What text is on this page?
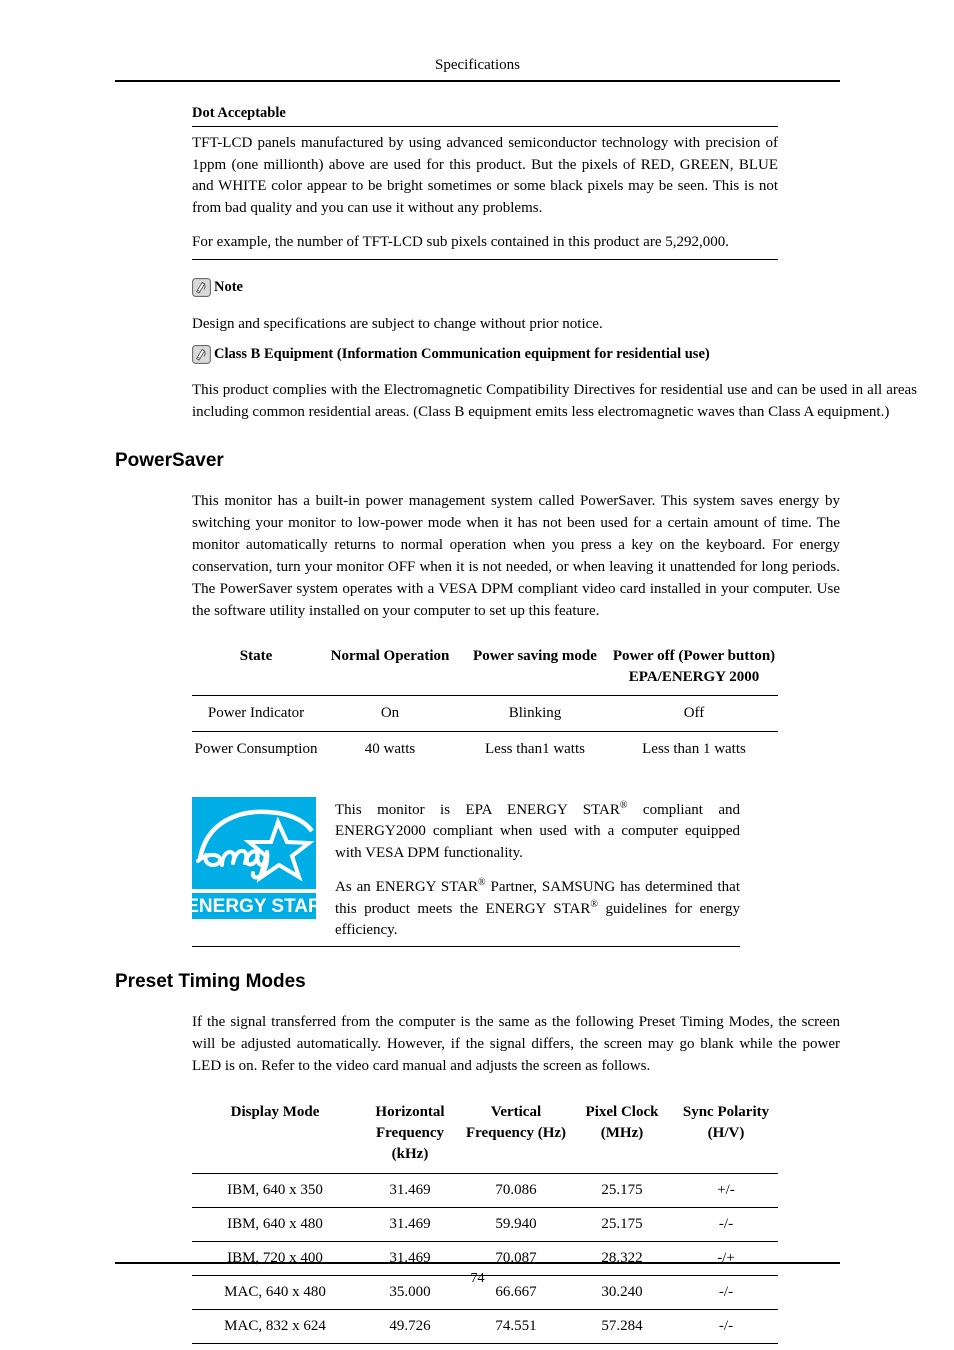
Specifications
Dot Acceptable
TFT-LCD panels manufactured by using advanced semiconductor technology with precision of 1ppm (one millionth) above are used for this product. But the pixels of RED, GREEN, BLUE and WHITE color appear to be bright sometimes or some black pixels may be seen. This is not from bad quality and you can use it without any problems.
For example, the number of TFT-LCD sub pixels contained in this product are 5,292,000.
Note
Design and specifications are subject to change without prior notice.
Class B Equipment (Information Communication equipment for residential use)
This product complies with the Electromagnetic Compatibility Directives for residential use and can be used in all areas including common residential areas. (Class B equipment emits less electromagnetic waves than Class A equipment.)
PowerSaver
This monitor has a built-in power management system called PowerSaver. This system saves energy by switching your monitor to low-power mode when it has not been used for a certain amount of time. The monitor automatically returns to normal operation when you press a key on the keyboard. For energy conservation, turn your monitor OFF when it is not needed, or when leaving it unattended for long periods. The PowerSaver system operates with a VESA DPM compliant video card installed in your computer. Use the software utility installed on your computer to set up this feature.
State	Normal Operation	Power saving mode	Power off (Power button) EPA/ENERGY 2000
Power Indicator	On	Blinking	Off
Power Consumption	40 watts	Less than1 watts	Less than 1 watts
ENERGY STAR

This monitor is EPA ENERGY STAR® compliant and ENERGY2000 compliant when used with a computer equipped with VESA DPM functionality.

As an ENERGY STAR® Partner, SAMSUNG has determined that this product meets the ENERGY STAR® guidelines for energy efficiency.

Preset Timing Modes
If the signal transferred from the computer is the same as the following Preset Timing Modes, the screen will be adjusted automatically. However, if the signal differs, the screen may go blank while the power LED is on. Refer to the video card manual and adjusts the screen as follows.
Display Mode	Horizontal Frequency (kHz)	Vertical Frequency (Hz)	Pixel Clock (MHz)	Sync Polarity (H/V)
IBM, 640 x 350	31.469	70.086	25.175	+/-
IBM, 640 x 480	31.469	59.940	25.175	-/-
IBM, 720 x 400	31.469	70.087	28.322	-/+
MAC, 640 x 480	35.000	66.667	30.240	-/-
MAC, 832 x 624	49.726	74.551	57.284	-/-

74
